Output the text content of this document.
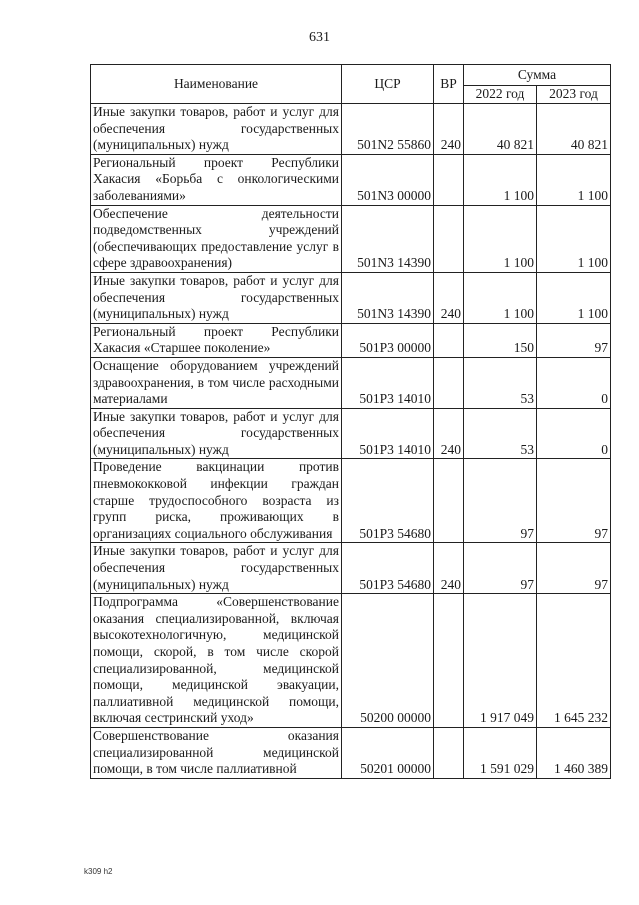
631
Наименование	ЦСР	ВР	Сумма	
			2022 год	2023 год
Иные закупки товаров, работ и услуг для обеспечения государственных (муниципальных) нужд	501N2 55860	240	40 821	40 821
Региональный проект Республики Хакасия «Борьба с онкологическими заболеваниями»	501N3 00000		1 100	1 100
Обеспечение деятельности подведомственных учреждений (обеспечивающих предоставление услуг в сфере здравоохранения)	501N3 14390		1 100	1 100
Иные закупки товаров, работ и услуг для обеспечения государственных (муниципальных) нужд	501N3 14390	240	1 100	1 100
Региональный проект Республики Хакасия «Старшее поколение»	501P3 00000		150	97
Оснащение оборудованием учреждений здравоохранения, в том числе расходными материалами	501P3 14010		53	0
Иные закупки товаров, работ и услуг для обеспечения государственных (муниципальных) нужд	501P3 14010	240	53	0
Проведение вакцинации против пневмококковой инфекции граждан старше трудоспособного возраста из групп риска, проживающих в организациях социального обслуживания	501P3 54680		97	97
Иные закупки товаров, работ и услуг для обеспечения государственных (муниципальных) нужд	501P3 54680	240	97	97
Подпрограмма «Совершенствование оказания специализированной, включая высокотехнологичную, медицинской помощи, скорой, в том числе скорой специализированной, медицинской помощи, медицинской эвакуации, паллиативной медицинской помощи, включая сестринский уход»	50200 00000		1 917 049	1 645 232
Совершенствование оказания специализированной медицинской помощи, в том числе паллиативной	50201 00000		1 591 029	1 460 389
k309 h2
